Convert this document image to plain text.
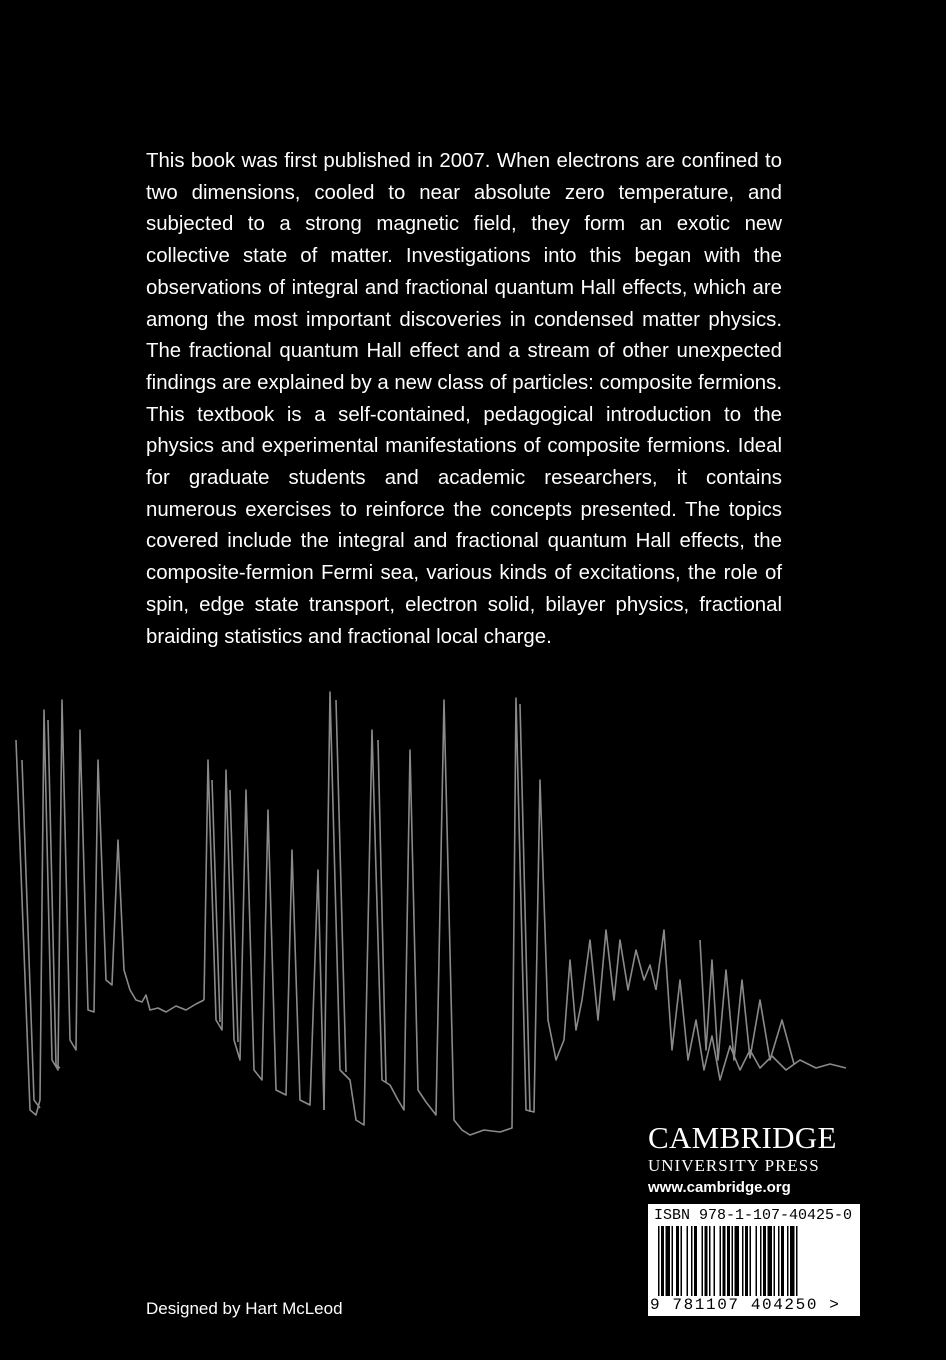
This book was first published in 2007. When electrons are confined to two dimensions, cooled to near absolute zero temperature, and subjected to a strong magnetic field, they form an exotic new collective state of matter. Investigations into this began with the observations of integral and fractional quantum Hall effects, which are among the most important discoveries in condensed matter physics. The fractional quantum Hall effect and a stream of other unexpected findings are explained by a new class of particles: composite fermions. This textbook is a self-contained, pedagogical introduction to the physics and experimental manifestations of composite fermions. Ideal for graduate students and academic researchers, it contains numerous exercises to reinforce the concepts presented. The topics covered include the integral and fractional quantum Hall effects, the composite-fermion Fermi sea, various kinds of excitations, the role of spin, edge state transport, electron solid, bilayer physics, fractional braiding statistics and fractional local charge.

CAMBRIDGE
UNIVERSITY PRESS
www.cambridge.org
ISBN 978-1-107-40425-0
9 781107 404250 >
Designed by Hart McLeod
